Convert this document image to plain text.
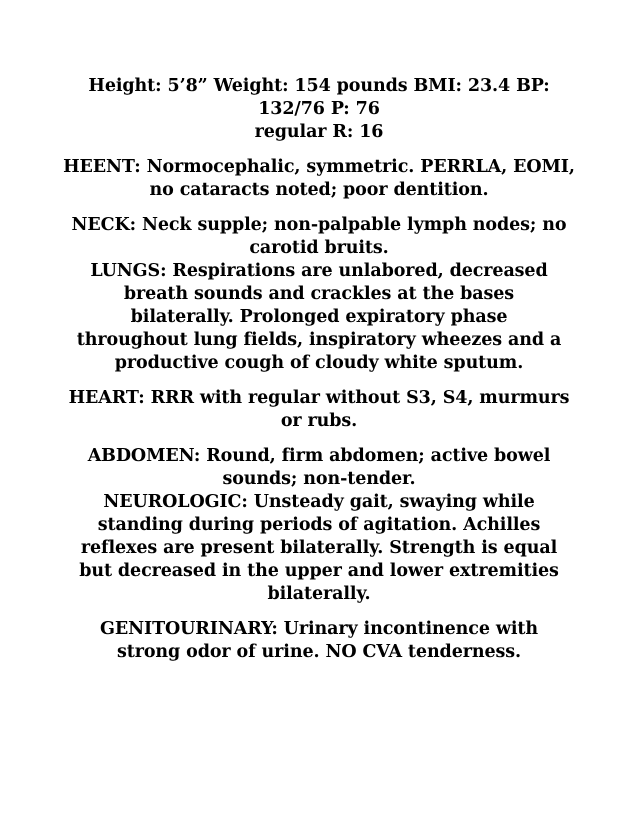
Height: 5’8” Weight: 154 pounds BMI: 23.4 BP:
132/76 P: 76
regular R: 16
HEENT: Normocephalic, symmetric. PERRLA, EOMI,
no cataracts noted; poor dentition.
NECK: Neck supple; non-palpable lymph nodes; no
carotid bruits.
LUNGS: Respirations are unlabored, decreased
breath sounds and crackles at the bases
bilaterally. Prolonged expiratory phase
throughout lung fields, inspiratory wheezes and a
productive cough of cloudy white sputum.
HEART: RRR with regular without S3, S4, murmurs
or rubs.
ABDOMEN: Round, firm abdomen; active bowel
sounds; non-tender.
NEUROLOGIC: Unsteady gait, swaying while
standing during periods of agitation. Achilles
reflexes are present bilaterally. Strength is equal
but decreased in the upper and lower extremities
bilaterally.
GENITOURINARY: Urinary incontinence with
strong odor of urine. NO CVA tenderness.
